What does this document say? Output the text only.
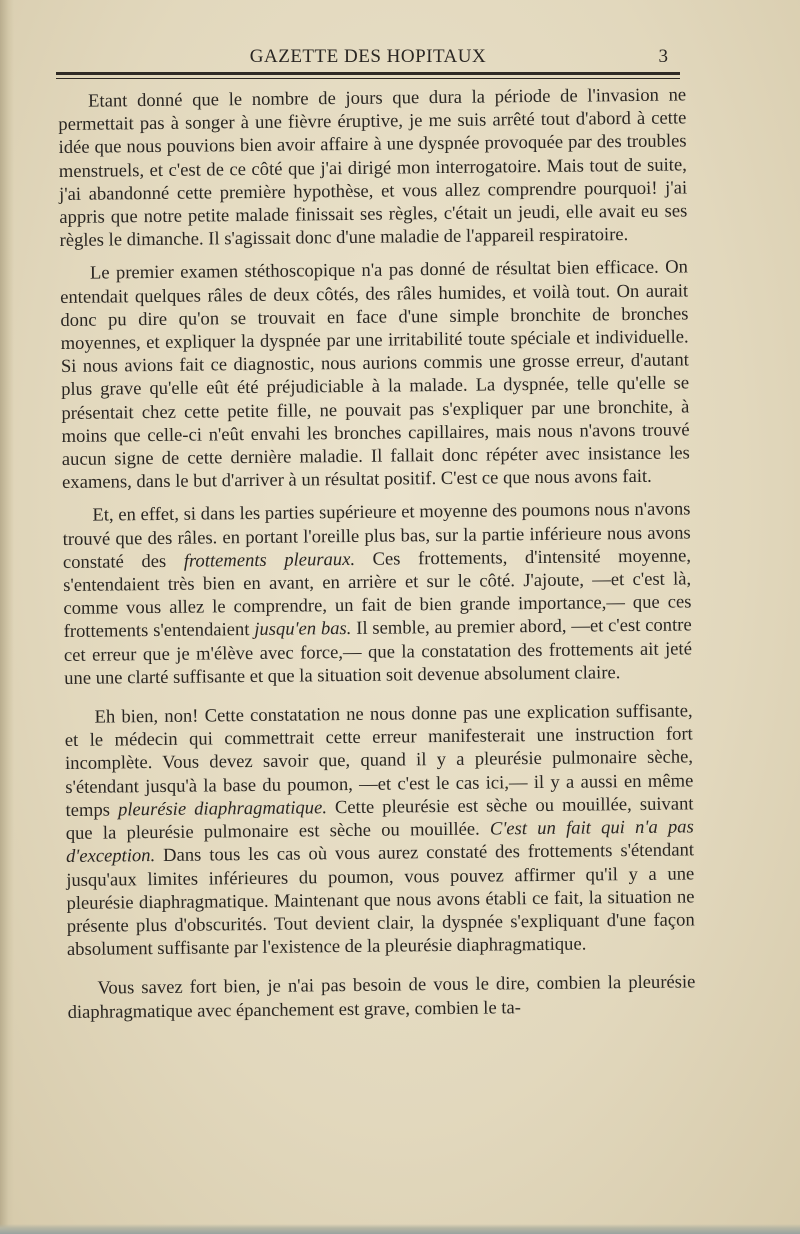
GAZETTE DES HOPITAUX	3

Etant donné que le nombre de jours que dura la période de l'invasion ne permettait pas à songer à une fièvre éruptive, je me suis arrêté tout d'abord à cette idée que nous pouvions bien avoir affaire à une dyspnée provoquée par des troubles menstruels, et c'est de ce côté que j'ai dirigé mon interrogatoire. Mais tout de suite, j'ai abandonné cette première hypothèse, et vous allez comprendre pourquoi! j'ai appris que notre petite malade finissait ses règles, c'était un jeudi, elle avait eu ses règles le dimanche. Il s'agissait donc d'une maladie de l'appareil respiratoire.

Le premier examen stéthoscopique n'a pas donné de résultat bien efficace. On entendait quelques râles de deux côtés, des râles humides, et voilà tout. On aurait donc pu dire qu'on se trouvait en face d'une simple bronchite de bronches moyennes, et expliquer la dyspnée par une irritabilité toute spéciale et individuelle. Si nous avions fait ce diagnostic, nous aurions commis une grosse erreur, d'autant plus grave qu'elle eût été préjudiciable à la malade. La dyspnée, telle qu'elle se présentait chez cette petite fille, ne pouvait pas s'expliquer par une bronchite, à moins que celle-ci n'eût envahi les bronches capillaires, mais nous n'avons trouvé aucun signe de cette dernière maladie. Il fallait donc répéter avec insistance les examens, dans le but d'arriver à un résultat positif. C'est ce que nous avons fait.

Et, en effet, si dans les parties supérieure et moyenne des poumons nous n'avons trouvé que des râles. en portant l'oreille plus bas, sur la partie inférieure nous avons constaté des frottements pleuraux. Ces frottements, d'intensité moyenne, s'entendaient très bien en avant, en arrière et sur le côté. J'ajoute, —et c'est là, comme vous allez le comprendre, un fait de bien grande importance,— que ces frottements s'entendaient jusqu'en bas. Il semble, au premier abord, —et c'est contre cet erreur que je m'élève avec force,— que la constatation des frottements ait jeté une une clarté suffisante et que la situation soit devenue absolument claire.

Eh bien, non! Cette constatation ne nous donne pas une explication suffisante, et le médecin qui commettrait cette erreur manifesterait une instruction fort incomplète. Vous devez savoir que, quand il y a pleurésie pulmonaire sèche, s'étendant jusqu'à la base du poumon, —et c'est le cas ici,— il y a aussi en même temps pleurésie diaphragmatique. Cette pleurésie est sèche ou mouillée, suivant que la pleurésie pulmonaire est sèche ou mouillée. C'est un fait qui n'a pas d'exception. Dans tous les cas où vous aurez constaté des frottements s'étendant jusqu'aux limites inférieures du poumon, vous pouvez affirmer qu'il y a une pleurésie diaphragmatique. Maintenant que nous avons établi ce fait, la situation ne présente plus d'obscurités. Tout devient clair, la dyspnée s'expliquant d'une façon absolument suffisante par l'existence de la pleurésie diaphragmatique.

Vous savez fort bien, je n'ai pas besoin de vous le dire, combien la pleurésie diaphragmatique avec épanchement est grave, combien le ta-
